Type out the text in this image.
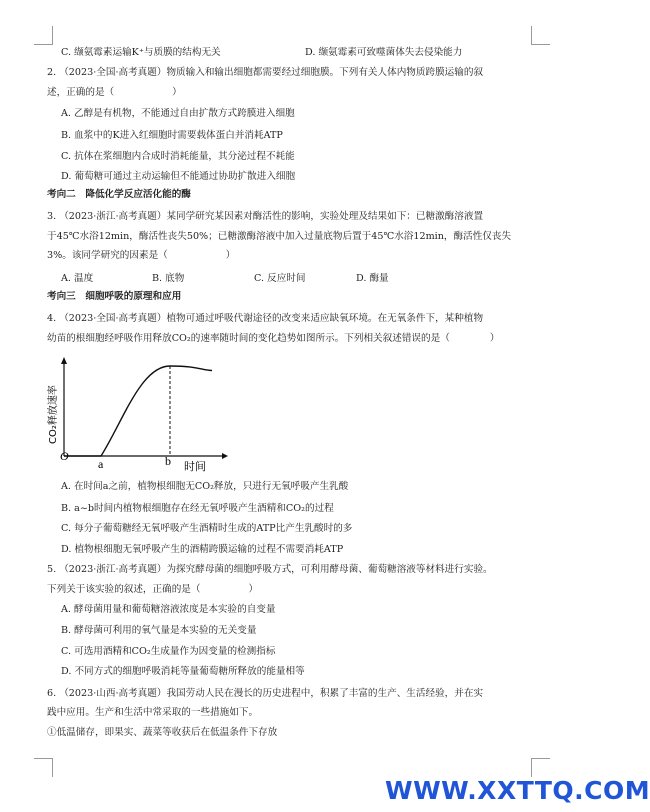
C. 缬氨霉素运输K⁺与质膜的结构无关	D. 缬氨霉素可致噬菌体失去侵染能力
2. （2023·全国·高考真题）物质输入和输出细胞都需要经过细胞膜。下列有关人体内物质跨膜运输的叙
述，正确的是（	）
A. 乙醇是有机物，不能通过自由扩散方式跨膜进入细胞
B. 血浆中的K进入红细胞时需要载体蛋白并消耗ATP
C. 抗体在浆细胞内合成时消耗能量，其分泌过程不耗能
D. 葡萄糖可通过主动运输但不能通过协助扩散进入细胞
考向二　降低化学反应活化能的酶
3. （2023·浙江·高考真题）某同学研究某因素对酶活性的影响，实验处理及结果如下：已糖激酶溶液置
于45℃水浴12min，酶活性丧失50%；已糖激酶溶液中加入过量底物后置于45℃水浴12min，酶活性仅丧失
3%。该同学研究的因素是（	）
A. 温度	B. 底物	C. 反应时间	D. 酶量
考向三　细胞呼吸的原理和应用
4. （2023·全国·高考真题）植物可通过呼吸代谢途径的改变来适应缺氧环境。在无氧条件下，某种植物
幼苗的根细胞经呼吸作用释放CO₂的速率随时间的变化趋势如图所示。下列相关叙述错误的是（	）
O
a	b 时间
CO₂释放速率
A. 在时间a之前，植物根细胞无CO₂释放，只进行无氧呼吸产生乳酸
B. a~b时间内植物根细胞存在经无氧呼吸产生酒精和CO₂的过程
C. 每分子葡萄糖经无氧呼吸产生酒精时生成的ATP比产生乳酸时的多
D. 植物根细胞无氧呼吸产生的酒精跨膜运输的过程不需要消耗ATP
5. （2023·浙江·高考真题）为探究酵母菌的细胞呼吸方式，可利用酵母菌、葡萄糖溶液等材料进行实验。
下列关于该实验的叙述，正确的是（	）
A. 酵母菌用量和葡萄糖溶液浓度是本实验的自变量
B. 酵母菌可利用的氧气量是本实验的无关变量
C. 可选用酒精和CO₂生成量作为因变量的检测指标
D. 不同方式的细胞呼吸消耗等量葡萄糖所释放的能量相等
6. （2023·山西·高考真题）我国劳动人民在漫长的历史进程中，积累了丰富的生产、生活经验，并在实
践中应用。生产和生活中常采取的一些措施如下。
①低温储存，即果实、蔬菜等收获后在低温条件下存放
WWW.XXTTQ.COM
